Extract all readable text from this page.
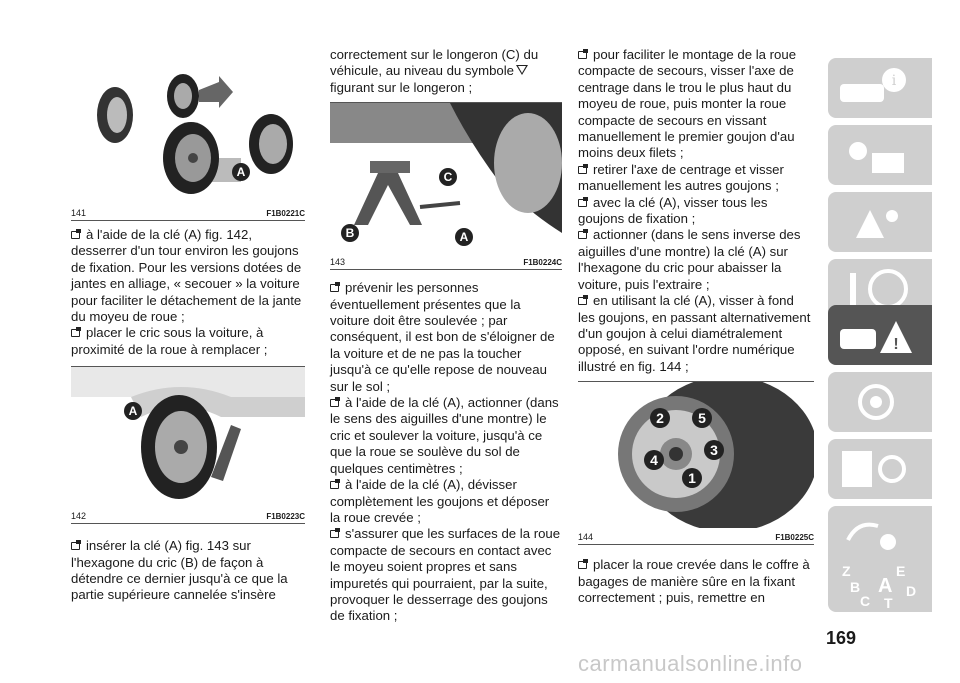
A
141	F1B0221C

à l'aide de la clé (A) fig. 142, desserrer d'un tour environ les goujons de fixation. Pour les versions dotées de jantes en alliage, « secouer » la voiture pour faciliter le détachement de la jante du moyeu de roue ;

placer le cric sous la voiture, à proximité de la roue à remplacer ;

A
142	F1B0223C

insérer la clé (A) fig. 143 sur l'hexagone du cric (B) de façon à détendre ce dernier jusqu'à ce que la partie supérieure cannelée s'insère

correctement sur le longeron (C) du véhicule, au niveau du symbole

figurant sur le longeron ;

C
B	A
143	F1B0224C

prévenir les personnes éventuellement présentes que la voiture doit être soulevée ; par conséquent, il est bon de s'éloigner de la voiture et de ne pas la toucher jusqu'à ce qu'elle repose de nouveau sur le sol ;

à l'aide de la clé (A), actionner (dans le sens des aiguilles d'une montre) le cric et soulever la voiture, jusqu'à ce que la roue se soulève du sol de quelques centimètres ;

à l'aide de la clé (A), dévisser complètement les goujons et déposer la roue crevée ;

s'assurer que les surfaces de la roue compacte de secours en contact avec le moyeu soient propres et sans impuretés qui pourraient, par la suite, provoquer le desserrage des goujons de fixation ;

pour faciliter le montage de la roue compacte de secours, visser l'axe de centrage dans le trou le plus haut du moyeu de roue, puis monter la roue compacte de secours en vissant manuellement le premier goujon d'au moins deux filets ;

retirer l'axe de centrage et visser manuellement les autres goujons ;

avec la clé (A), visser tous les goujons de fixation ;

actionner (dans le sens inverse des aiguilles d'une montre) la clé (A) sur l'hexagone du cric pour abaisser la voiture, puis l'extraire ;

en utilisant la clé (A), visser à fond les goujons, en passant alternativement d'un goujon à celui diamétralement opposé, en suivant l'ordre numérique illustré en fig. 144 ;

2 5
3
4
1
144	F1B0225C

placer la roue crevée dans le coffre à bagages de manière sûre en la fixant correctement ; puis, remettre en

i
!
Z	E
B A D
C T
169
carmanualsonline.info
